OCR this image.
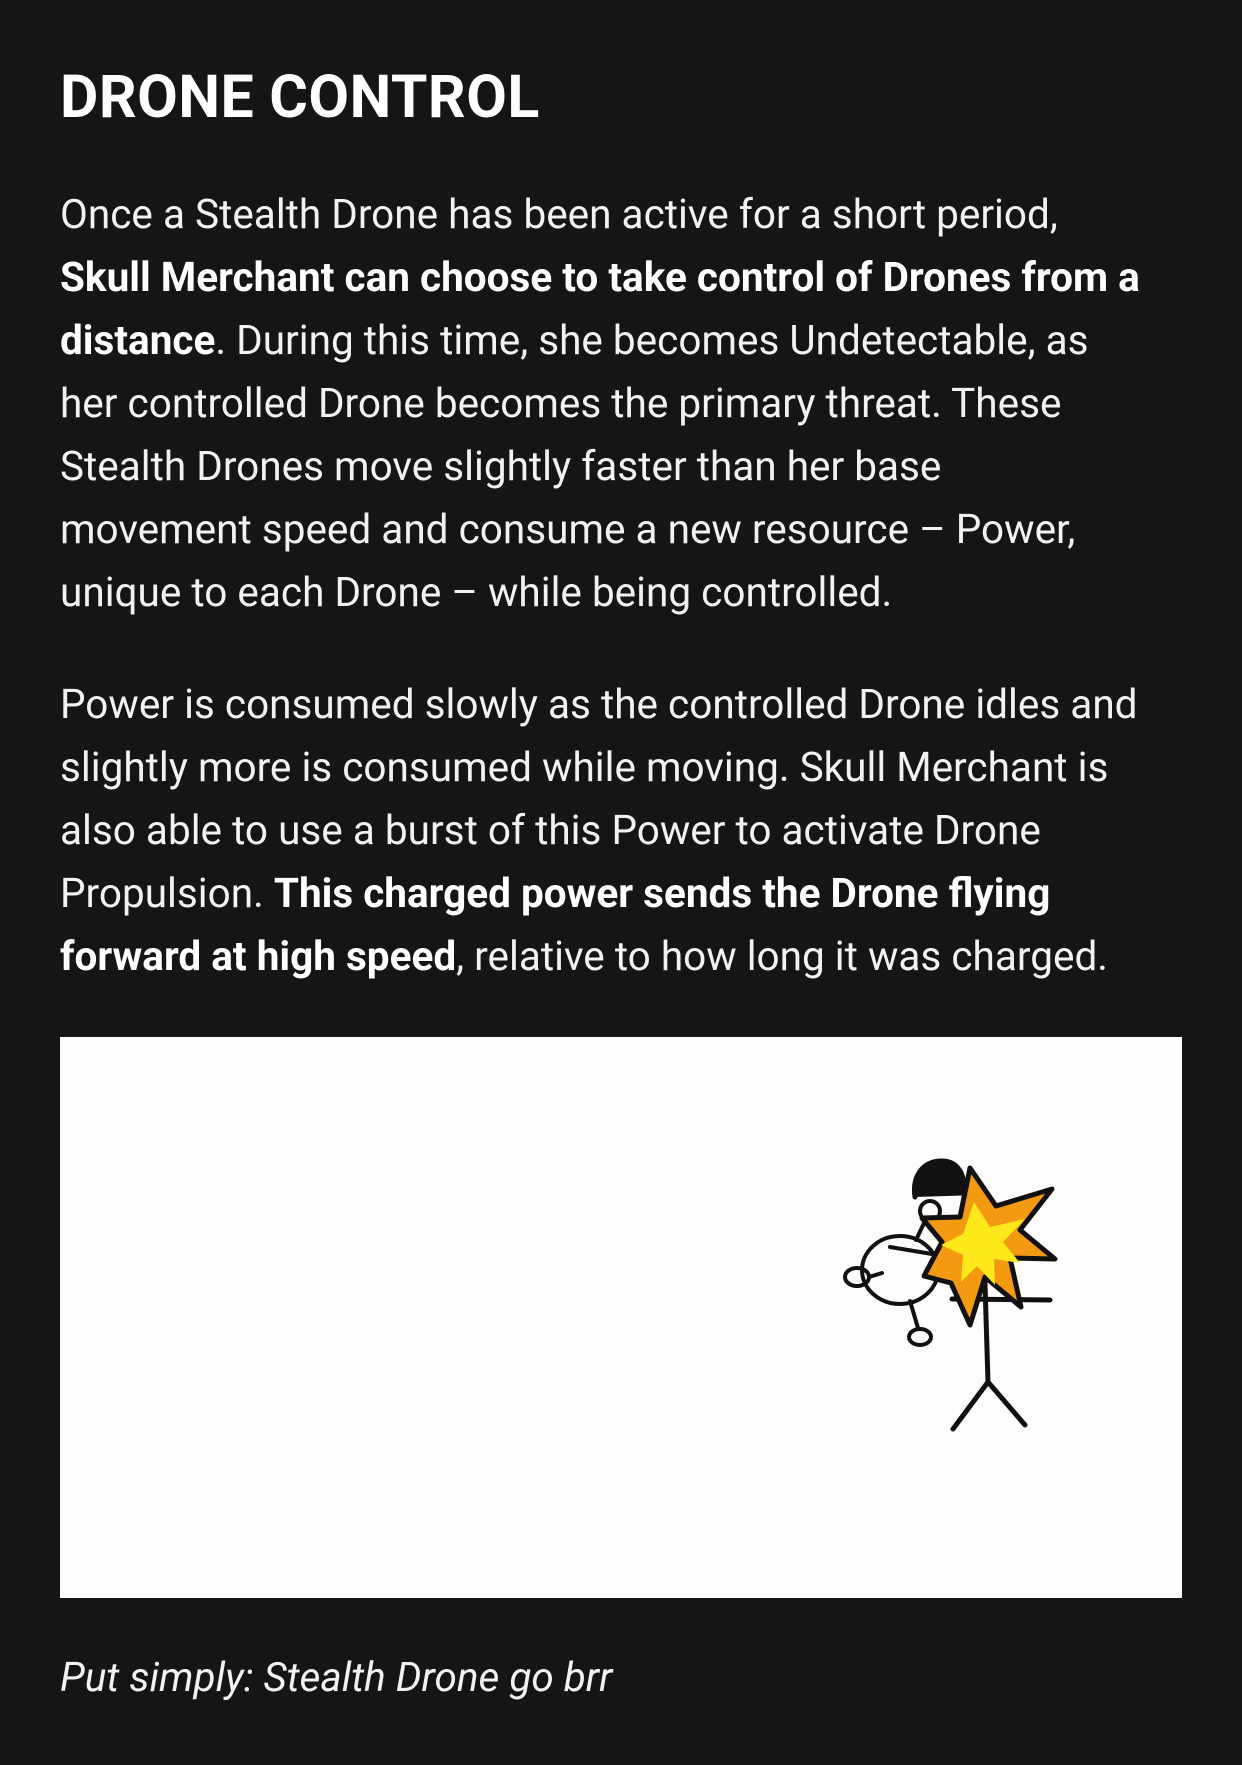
DRONE CONTROL

Once a Stealth Drone has been active for a short period,
Skull Merchant can choose to take control of Drones from a
distance. During this time, she becomes Undetectable, as
her controlled Drone becomes the primary threat. These
Stealth Drones move slightly faster than her base
movement speed and consume a new resource – Power,
unique to each Drone – while being controlled.

Power is consumed slowly as the controlled Drone idles and
slightly more is consumed while moving. Skull Merchant is
also able to use a burst of this Power to activate Drone
Propulsion. This charged power sends the Drone flying
forward at high speed, relative to how long it was charged.

Put simply: Stealth Drone go brr
